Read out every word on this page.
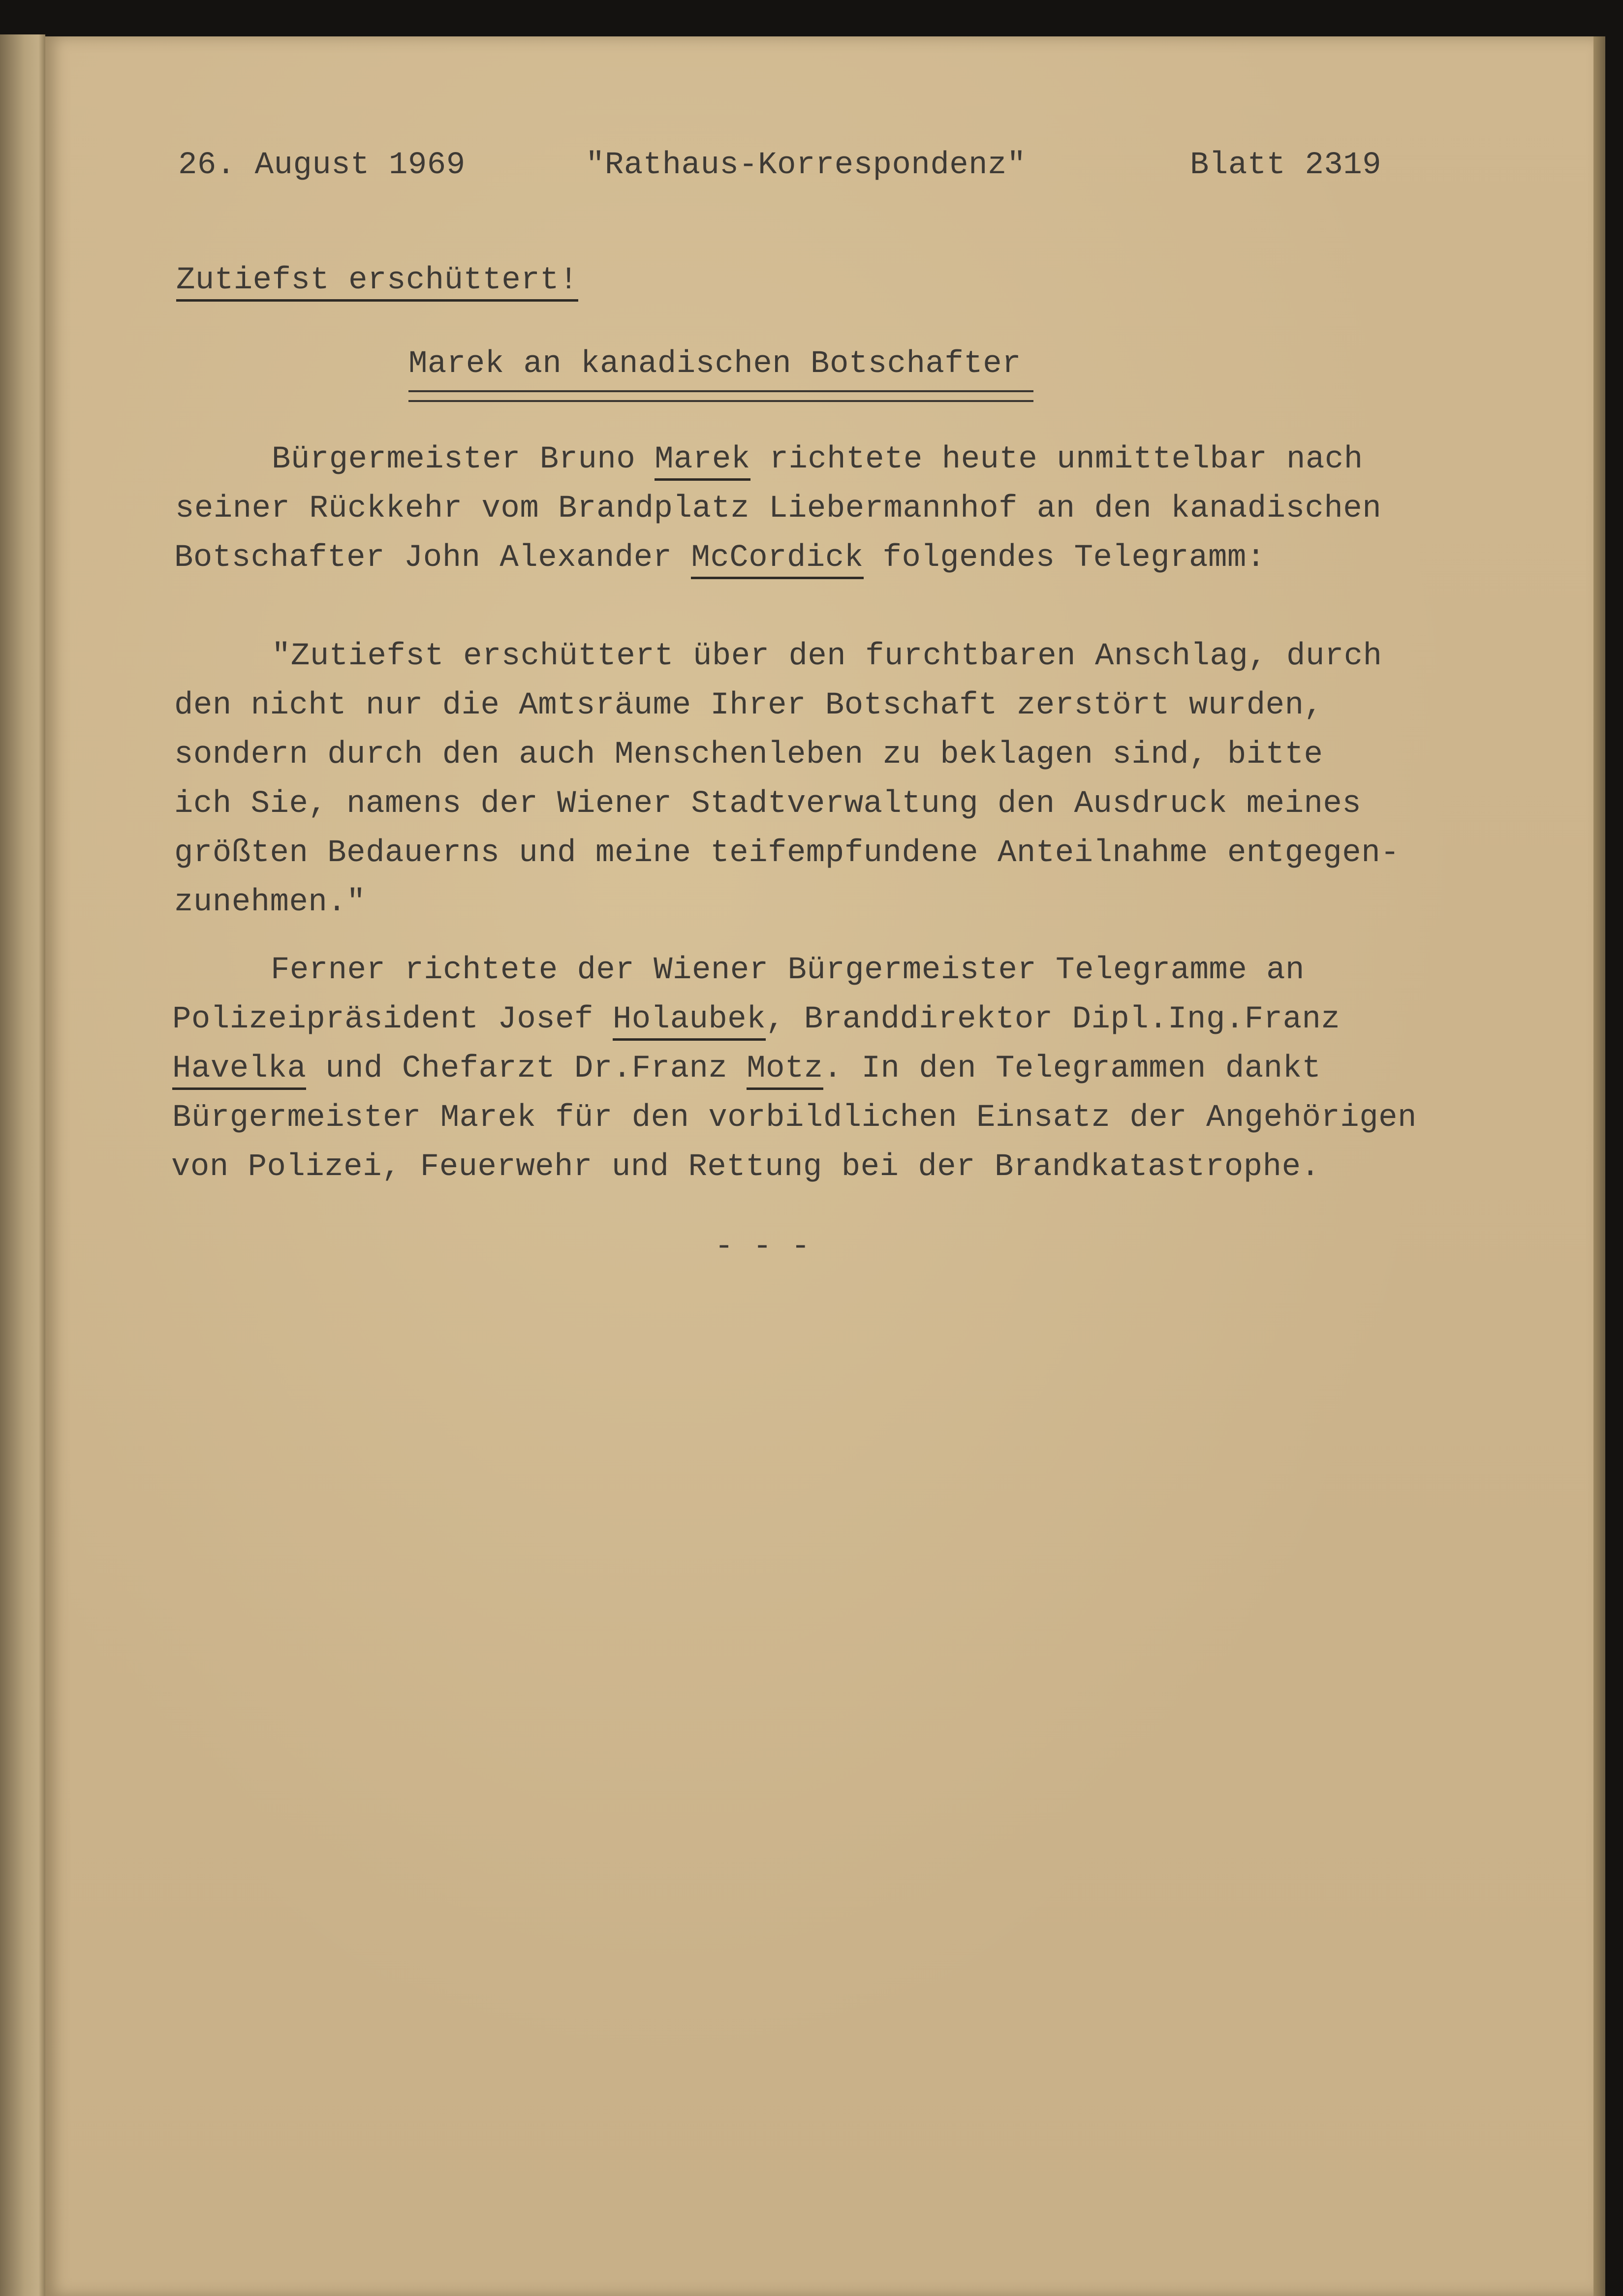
26. August 1969	"Rathaus-Korrespondenz"	Blatt 2319

Zutiefst erschüttert!

Marek an kanadischen Botschafter

Bürgermeister Bruno Marek richtete heute unmittelbar nach

seiner Rückkehr vom Brandplatz Liebermannhof an den kanadischen

Botschafter John Alexander McCordick folgendes Telegramm:

"Zutiefst erschüttert über den furchtbaren Anschlag, durch

den nicht nur die Amtsräume Ihrer Botschaft zerstört wurden,

sondern durch den auch Menschenleben zu beklagen sind, bitte

ich Sie, namens der Wiener Stadtverwaltung den Ausdruck meines

größten Bedauerns und meine teifempfundene Anteilnahme entgegen-

zunehmen."

Ferner richtete der Wiener Bürgermeister Telegramme an

Polizeipräsident Josef Holaubek, Branddirektor Dipl.Ing.Franz

Havelka und Chefarzt Dr.Franz Motz. In den Telegrammen dankt

Bürgermeister Marek für den vorbildlichen Einsatz der Angehörigen

von Polizei, Feuerwehr und Rettung bei der Brandkatastrophe.

- - -
